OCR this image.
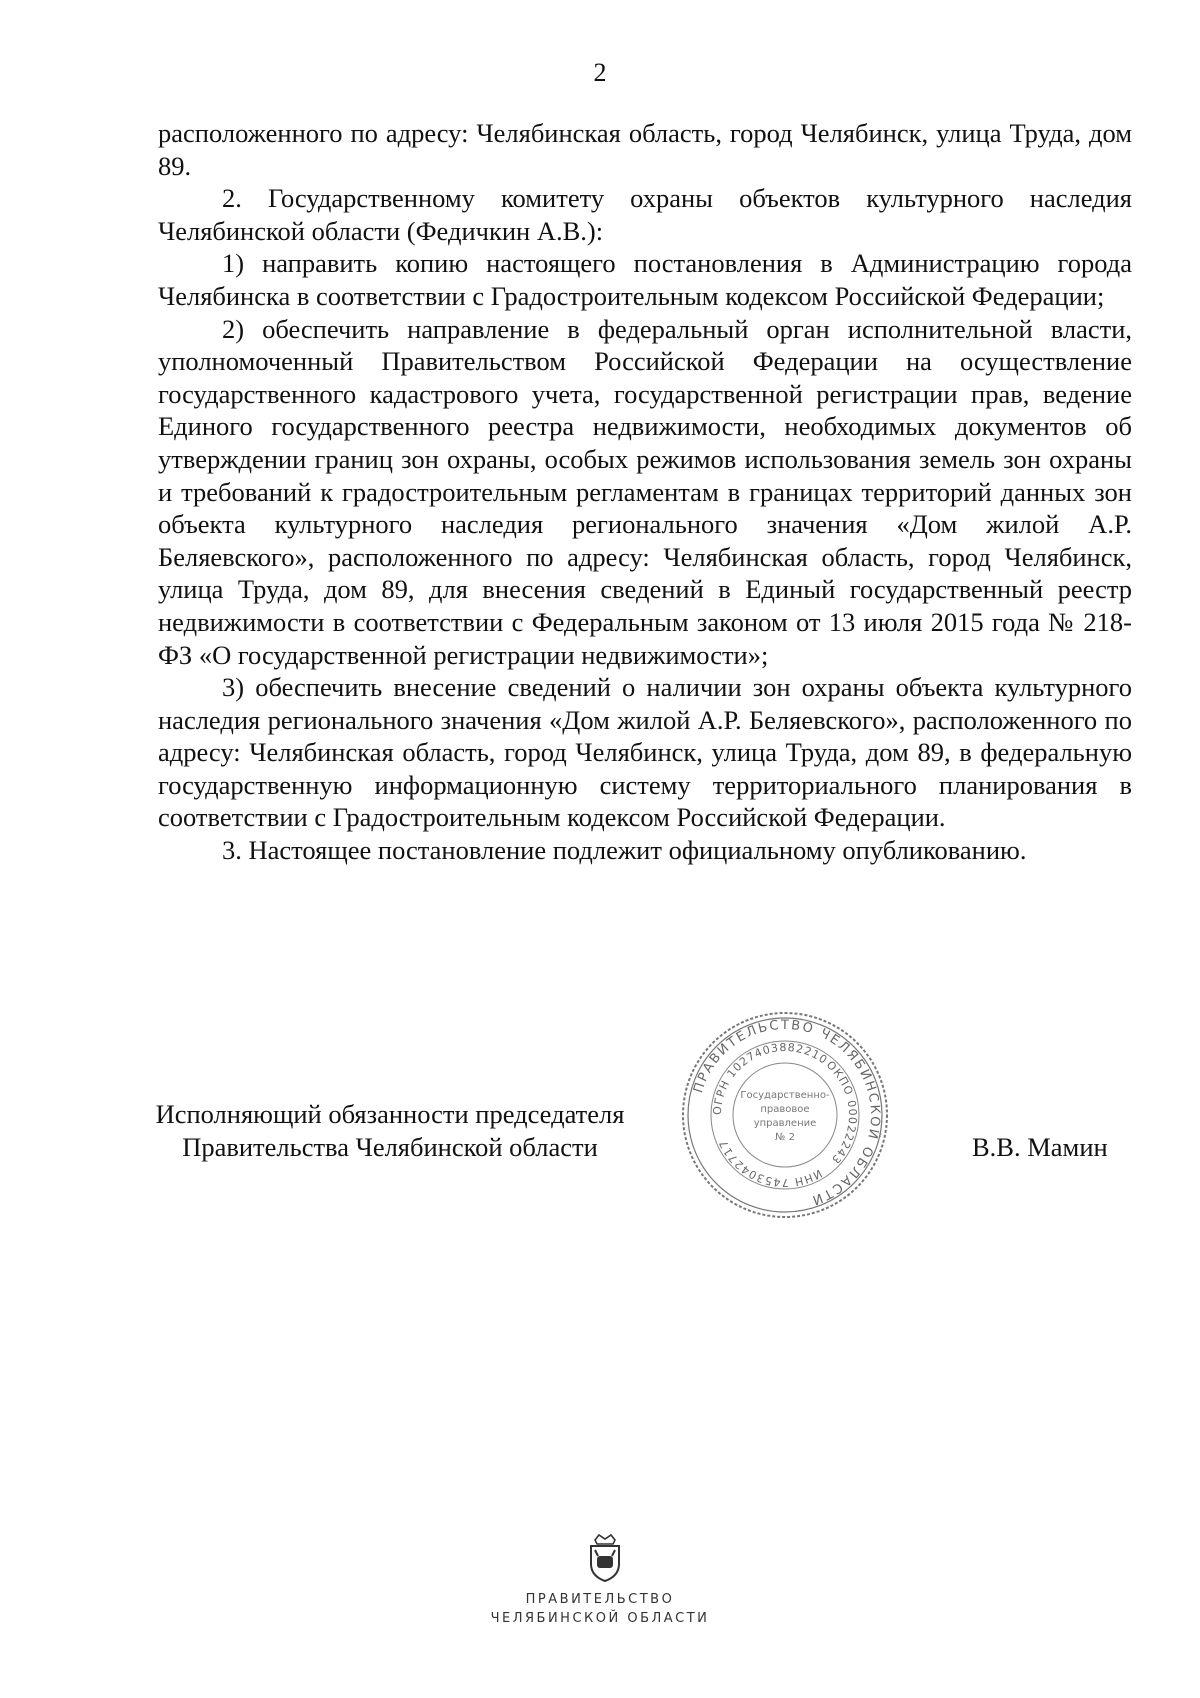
2

расположенного по адресу: Челябинская область, город Челябинск, улица Труда, дом 89.

2. Государственному комитету охраны объектов культурного наследия Челябинской области (Федичкин А.В.):

1) направить копию настоящего постановления в Администрацию города Челябинска в соответствии с Градостроительным кодексом Российской Федерации;

2) обеспечить направление в федеральный орган исполнительной власти, уполномоченный Правительством Российской Федерации на осуществление государственного кадастрового учета, государственной регистрации прав, ведение Единого государственного реестра недвижимости, необходимых документов об утверждении границ зон охраны, особых режимов использования земель зон охраны и требований к градостроительным регламентам в границах территорий данных зон объекта культурного наследия регионального значения «Дом жилой А.Р. Беляевского», расположенного по адресу: Челябинская область, город Челябинск, улица Труда, дом 89, для внесения сведений в Единый государственный реестр недвижимости в соответствии с Федеральным законом от 13 июля 2015 года № 218-ФЗ «О государственной регистрации недвижимости»;

3) обеспечить внесение сведений о наличии зон охраны объекта культурного наследия регионального значения «Дом жилой А.Р. Беляевского», расположенного по адресу: Челябинская область, город Челябинск, улица Труда, дом 89, в федеральную государственную информационную систему территориального планирования в соответствии с Градостроительным кодексом Российской Федерации.

3. Настоящее постановление подлежит официальному опубликованию.

Исполняющий обязанности председателя
Правительства Челябинской области
ПРАВИТЕЛЬСТВО ЧЕЛЯБИНСКОЙ ОБЛАСТИ
ОГРН 1027403882210
ОКПО 00022243
ИНН 7453042717
Государственно-
правовое
управление
№ 2	В.В. Мамин
ПРАВИТЕЛЬСТВО
ЧЕЛЯБИНСКОЙ ОБЛАСТИ
